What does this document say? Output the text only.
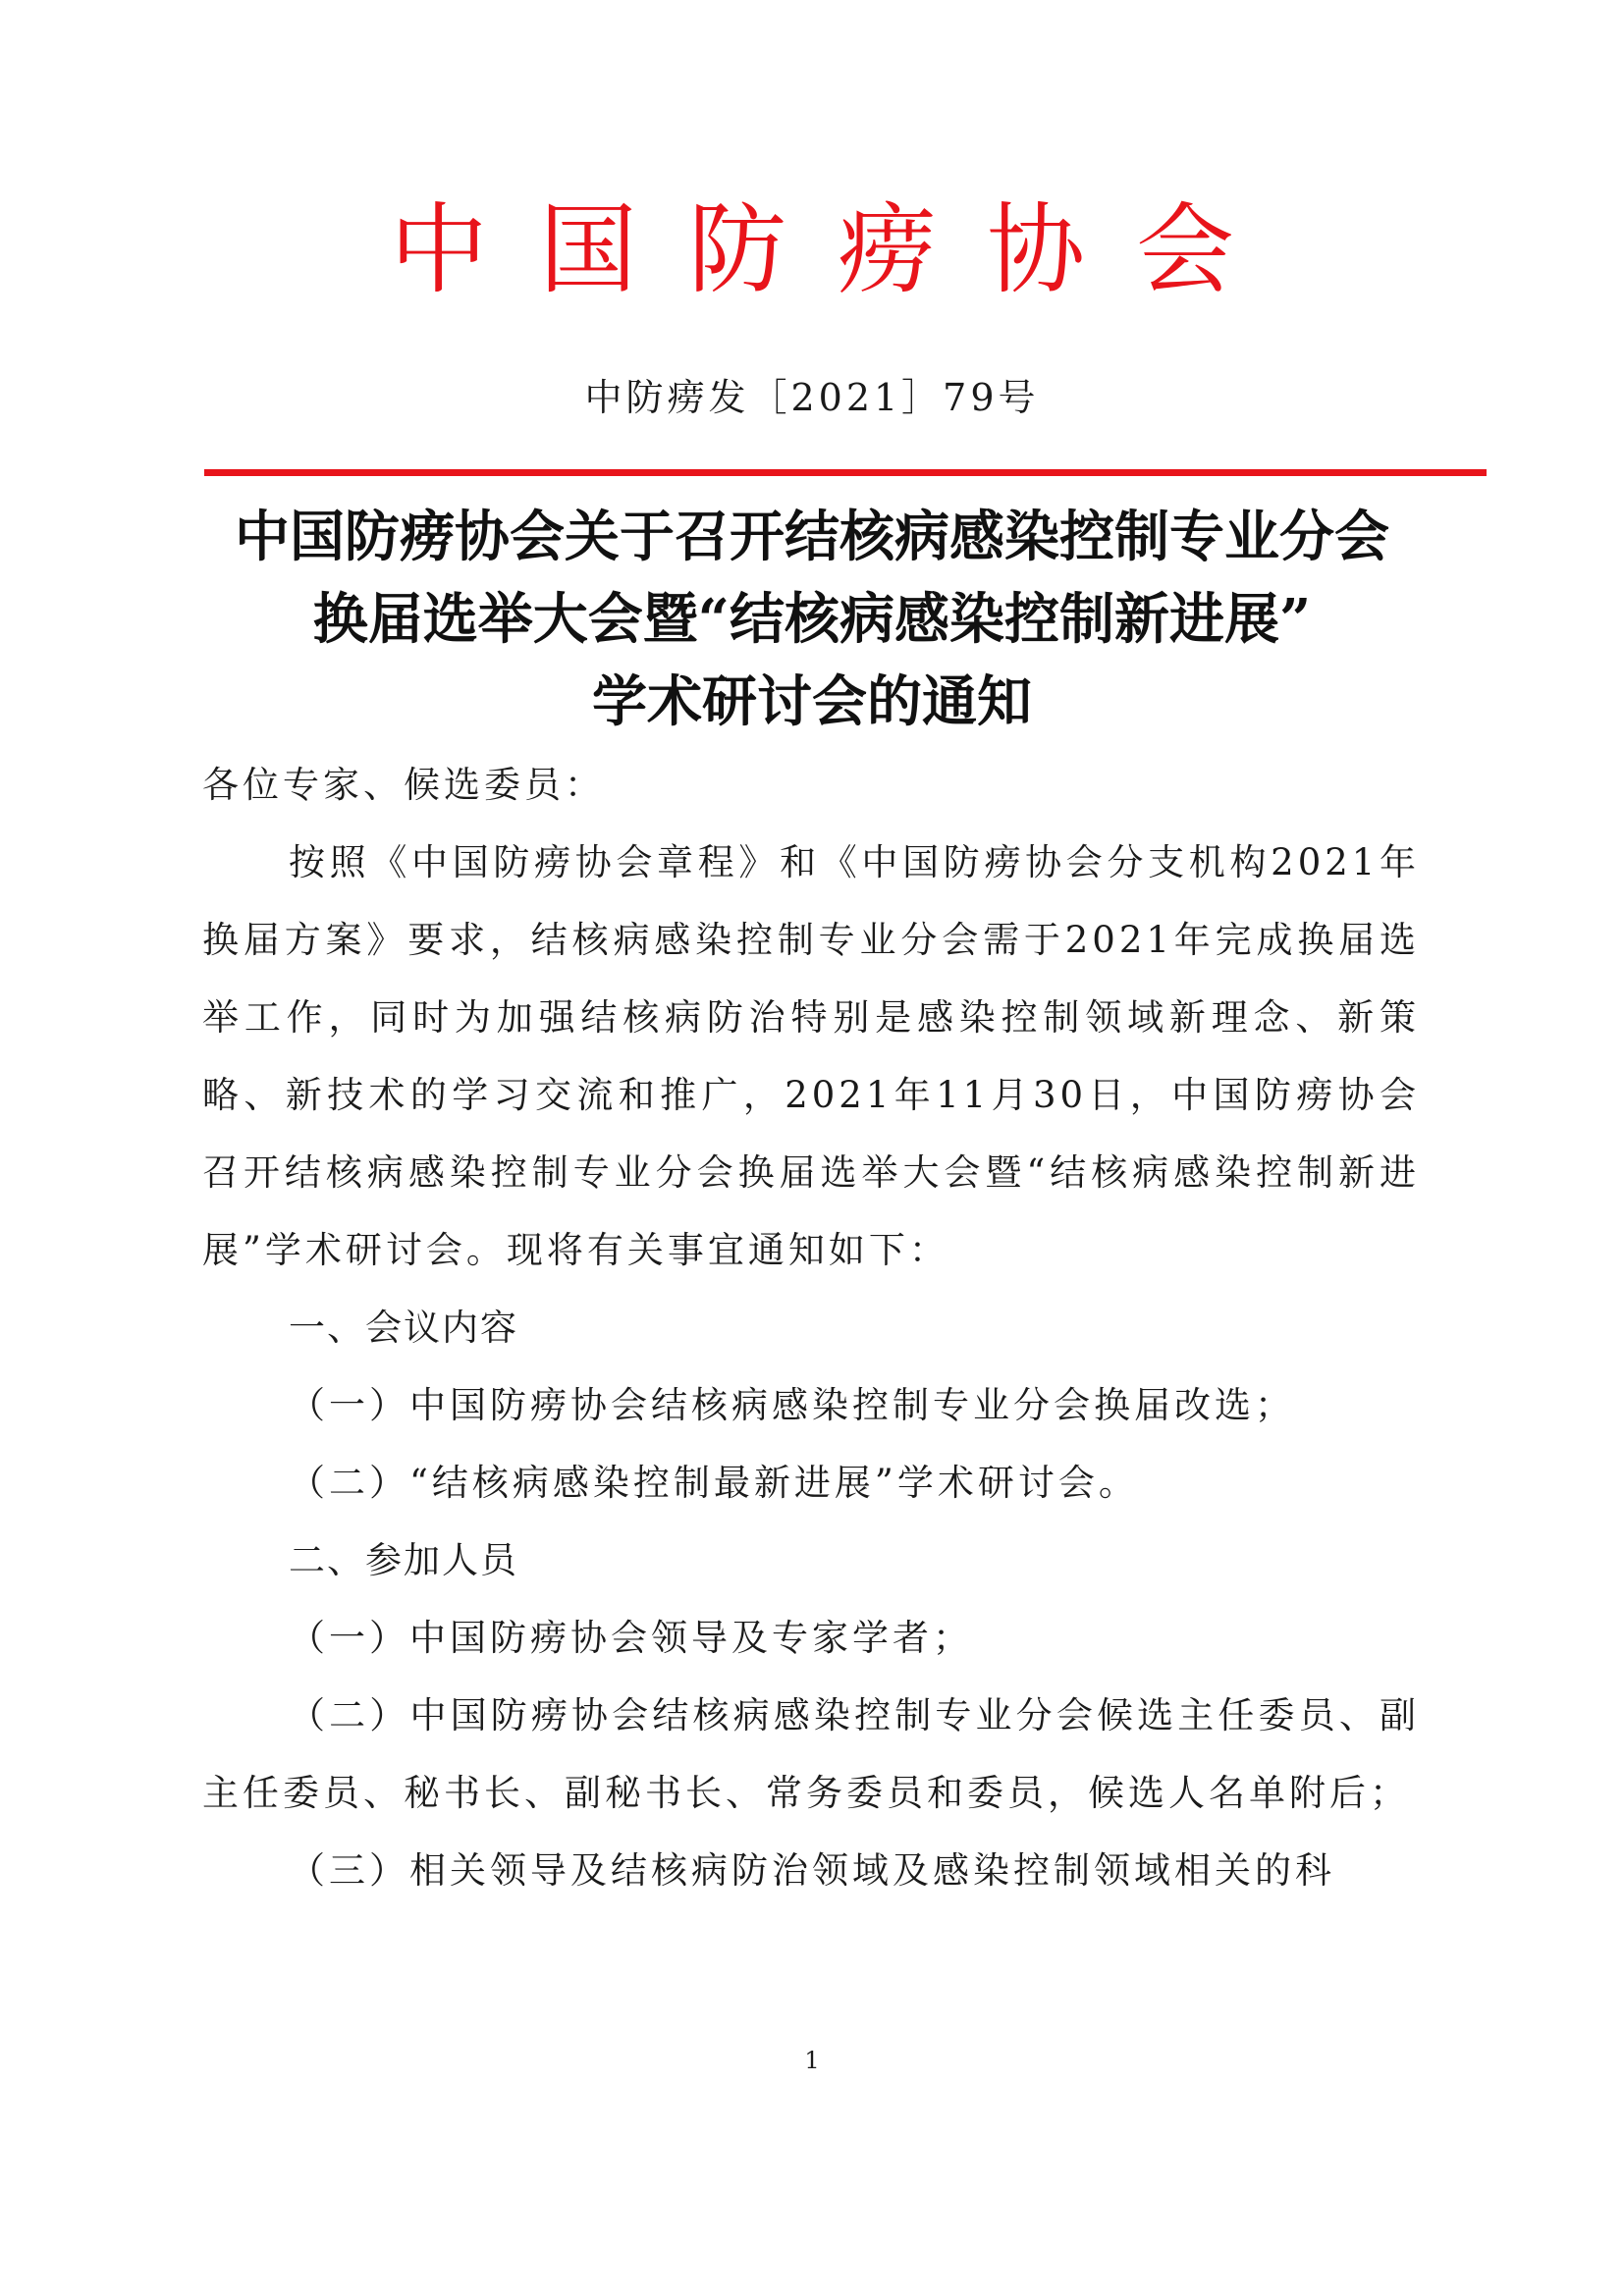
中国防痨协会
中防痨发［2021］79号
中国防痨协会关于召开结核病感染控制专业分会
换届选举大会暨“结核病感染控制新进展”
学术研讨会的通知

各位专家、候选委员：

按照《中国防痨协会章程》和《中国防痨协会分支机构2021年换届方案》要求，结核病感染控制专业分会需于2021年完成换届选举工作，同时为加强结核病防治特别是感染控制领域新理念、新策略、新技术的学习交流和推广，2021年11月30日，中国防痨协会召开结核病感染控制专业分会换届选举大会暨“结核病感染控制新进展”学术研讨会。现将有关事宜通知如下：

一、会议内容

（一）中国防痨协会结核病感染控制专业分会换届改选；

（二）“结核病感染控制最新进展”学术研讨会。

二、参加人员

（一）中国防痨协会领导及专家学者；

（二）中国防痨协会结核病感染控制专业分会候选主任委员、副主任委员、秘书长、副秘书长、常务委员和委员，候选人名单附后；

（三）相关领导及结核病防治领域及感染控制领域相关的科

1
